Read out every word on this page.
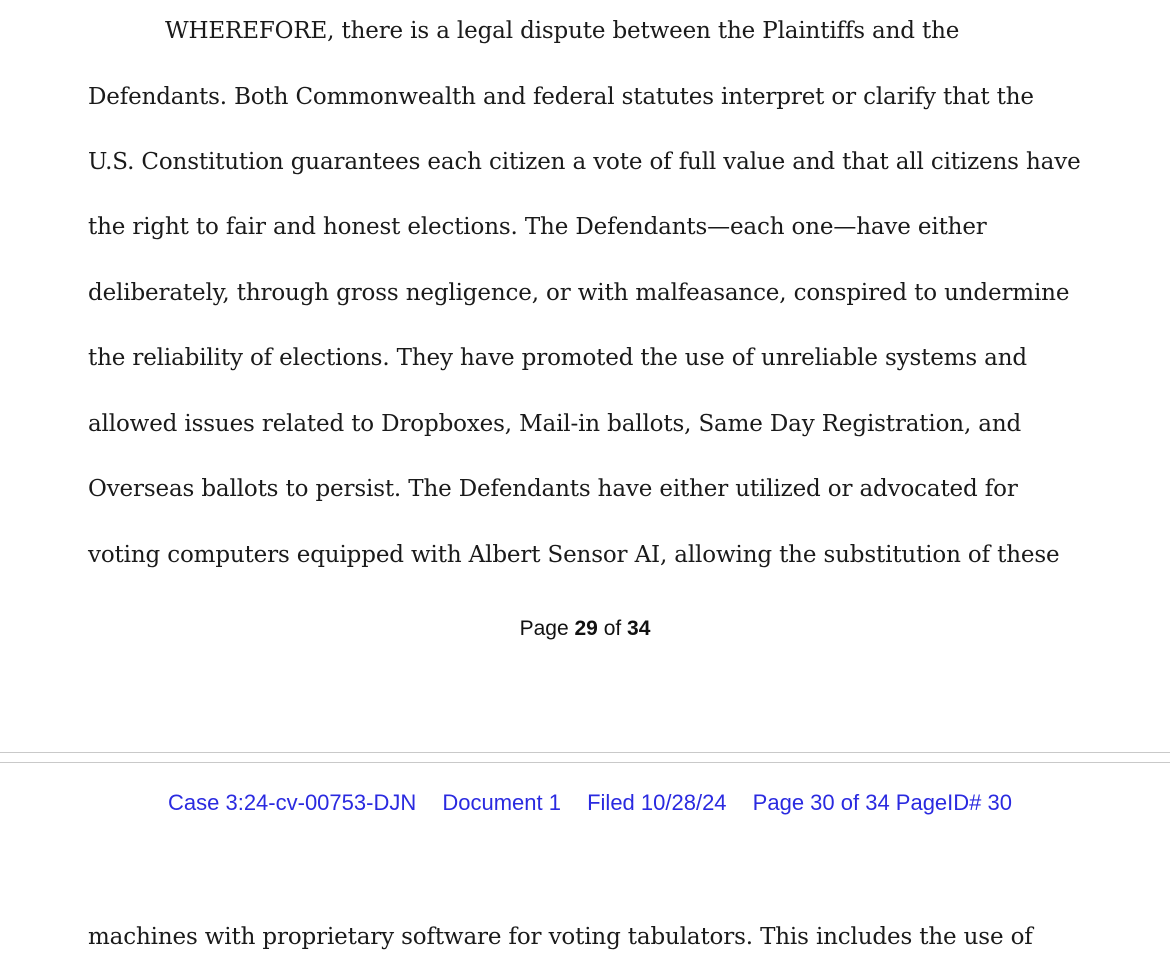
WHEREFORE, there is a legal dispute between the Plaintiffs and the
Defendants. Both Commonwealth and federal statutes interpret or clarify that the
U.S. Constitution guarantees each citizen a vote of full value and that all citizens have
the right to fair and honest elections. The Defendants—each one—have either
deliberately, through gross negligence, or with malfeasance, conspired to undermine
the reliability of elections. They have promoted the use of unreliable systems and
allowed issues related to Dropboxes, Mail-in ballots, Same Day Registration, and
Overseas ballots to persist. The Defendants have either utilized or advocated for
voting computers equipped with Albert Sensor AI, allowing the substitution of these
Page 29 of 34
Case 3:24-cv-00753-DJN Document 1 Filed 10/28/24 Page 30 of 34 PageID# 30
machines with proprietary software for voting tabulators. This includes the use of
